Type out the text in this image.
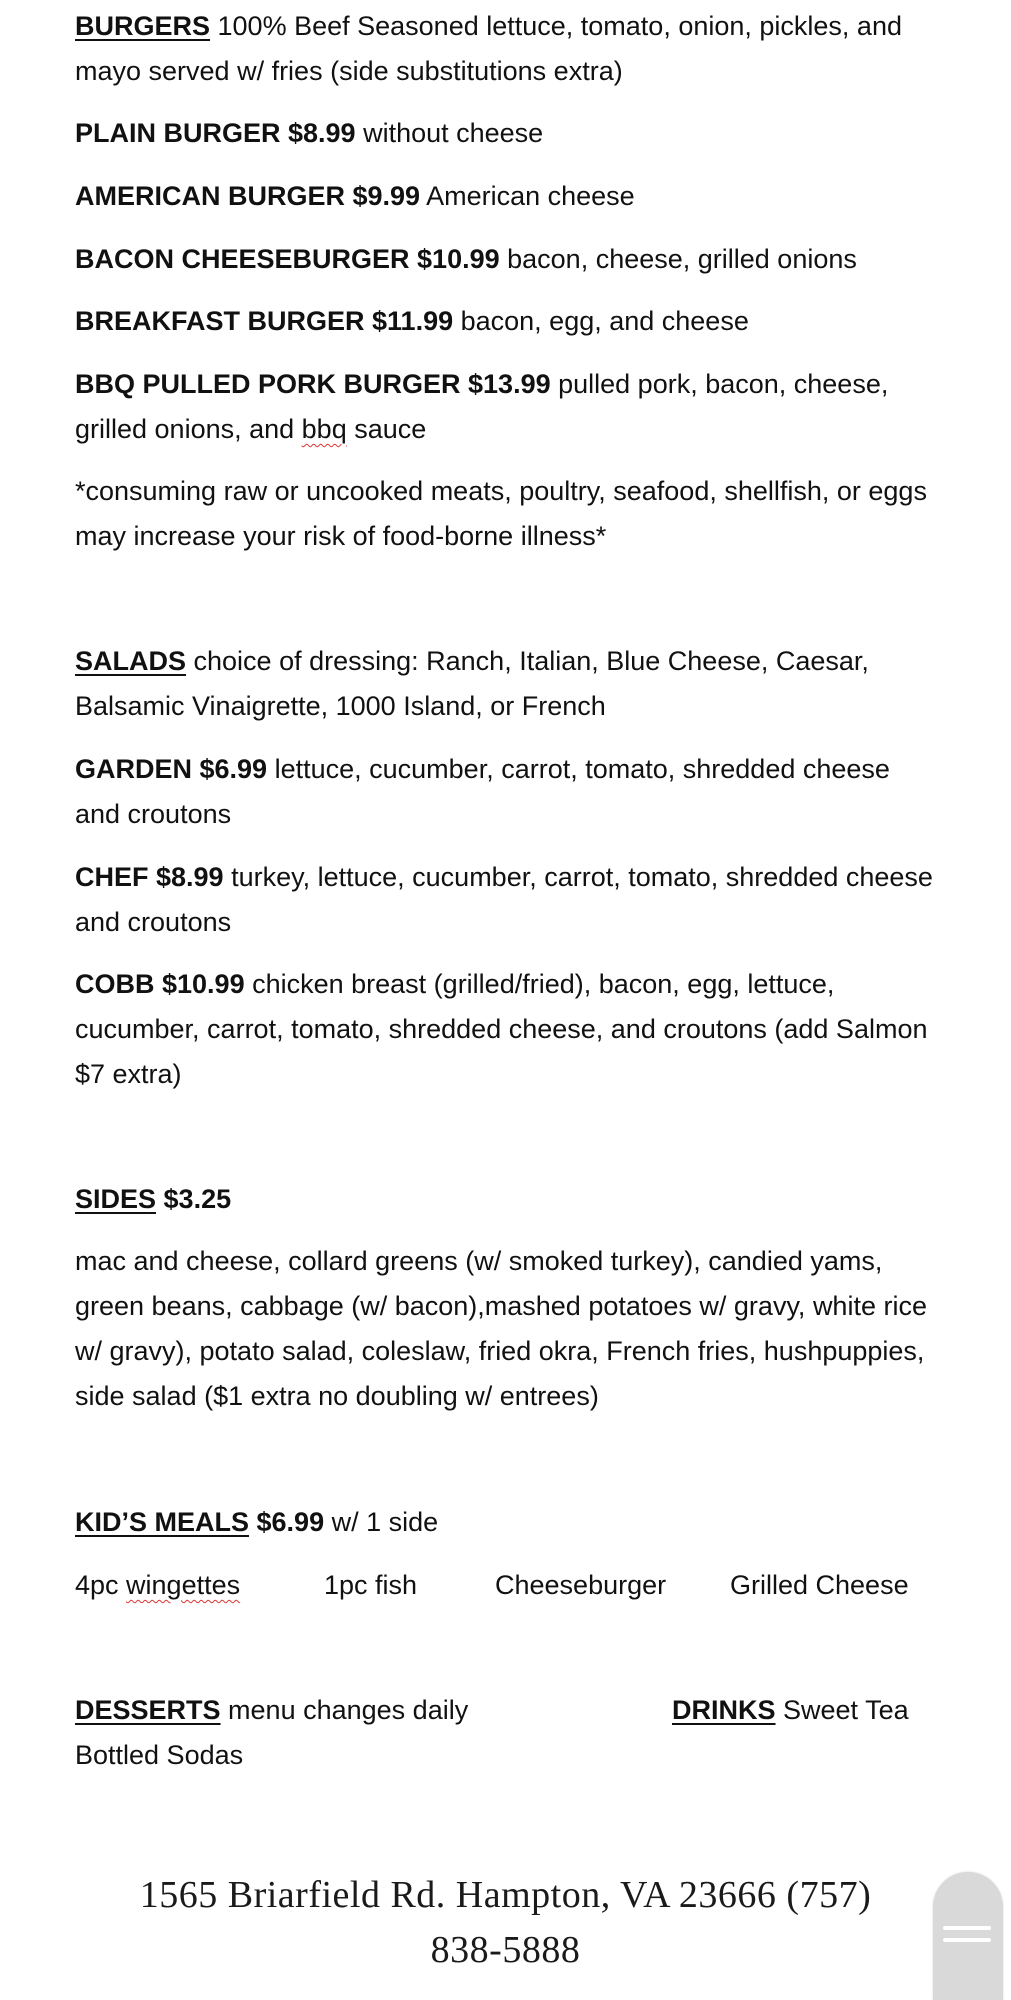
BURGERS 100% Beef Seasoned lettuce, tomato, onion, pickles, and mayo served w/ fries (side substitutions extra)

PLAIN BURGER $8.99 without cheese

AMERICAN BURGER $9.99 American cheese

BACON CHEESEBURGER $10.99 bacon, cheese, grilled onions

BREAKFAST BURGER $11.99 bacon, egg, and cheese

BBQ PULLED PORK BURGER $13.99 pulled pork, bacon, cheese, grilled onions, and bbq sauce

*consuming raw or uncooked meats, poultry, seafood, shellfish, or eggs may increase your risk of food-borne illness*

SALADS choice of dressing: Ranch, Italian, Blue Cheese, Caesar, Balsamic Vinaigrette, 1000 Island, or French

GARDEN $6.99 lettuce, cucumber, carrot, tomato, shredded cheese and croutons

CHEF $8.99 turkey, lettuce, cucumber, carrot, tomato, shredded cheese and croutons

COBB $10.99 chicken breast (grilled/fried), bacon, egg, lettuce, cucumber, carrot, tomato, shredded cheese, and croutons (add Salmon $7 extra)

SIDES $3.25

mac and cheese, collard greens (w/ smoked turkey), candied yams, green beans, cabbage (w/ bacon),mashed potatoes w/ gravy, white rice w/ gravy), potato salad, coleslaw, fried okra, French fries, hushpuppies, side salad ($1 extra no doubling w/ entrees)

KID’S MEALS $6.99 w/ 1 side

4pc wingettes	1pc fish	Cheeseburger Grilled Cheese

DESSERTS menu changes daily	DRINKS Sweet Tea

Bottled Sodas

1565 Briarfield Rd. Hampton, VA 23666 (757)
838-5888
